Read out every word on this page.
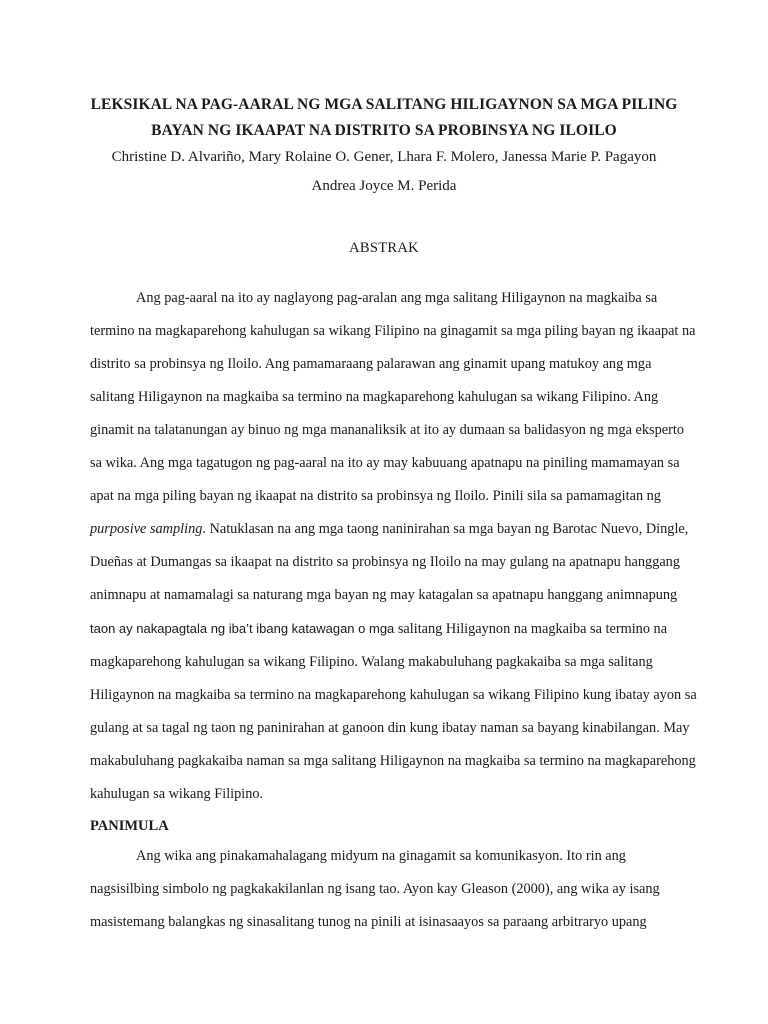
LEKSIKAL NA PAG-AARAL NG MGA SALITANG HILIGAYNON SA MGA PILING
BAYAN NG IKAAPAT NA DISTRITO SA PROBINSYA NG ILOILO
Christine D. Alvariño, Mary Rolaine O. Gener, Lhara F. Molero, Janessa Marie P. Pagayon
Andrea Joyce M. Perida
ABSTRAK

Ang pag-aaral na ito ay naglayong pag-aralan ang mga salitang Hiligaynon na magkaiba sa

termino na magkaparehong kahulugan sa wikang Filipino na ginagamit sa mga piling bayan ng ikaapat na

distrito sa probinsya ng Iloilo. Ang pamamaraang palarawan ang ginamit upang matukoy ang mga

salitang Hiligaynon na magkaiba sa termino na magkaparehong kahulugan sa wikang Filipino. Ang

ginamit na talatanungan ay binuo ng mga mananaliksik at ito ay dumaan sa balidasyon ng mga eksperto

sa wika. Ang mga tagatugon ng pag-aaral na ito ay may kabuuang apatnapu na piniling mamamayan sa

apat na mga piling bayan ng ikaapat na distrito sa probinsya ng Iloilo. Pinili sila sa pamamagitan ng

purposive sampling. Natuklasan na ang mga taong naninirahan sa mga bayan ng Barotac Nuevo, Dingle,

Dueñas at Dumangas sa ikaapat na distrito sa probinsya ng Iloilo na may gulang na apatnapu hanggang

animnapu at namamalagi sa naturang mga bayan ng may katagalan sa apatnapu hanggang animnapung

taon ay nakapagtala ng iba’t ibang katawagan o mga salitang Hiligaynon na magkaiba sa termino na

magkaparehong kahulugan sa wikang Filipino. Walang makabuluhang pagkakaiba sa mga salitang

Hiligaynon na magkaiba sa termino na magkaparehong kahulugan sa wikang Filipino kung ibatay ayon sa

gulang at sa tagal ng taon ng paninirahan at ganoon din kung ibatay naman sa bayang kinabilangan. May

makabuluhang pagkakaiba naman sa mga salitang Hiligaynon na magkaiba sa termino na magkaparehong

kahulugan sa wikang Filipino.

PANIMULA

Ang wika ang pinakamahalagang midyum na ginagamit sa komunikasyon. Ito rin ang

nagsisilbing simbolo ng pagkakakilanlan ng isang tao. Ayon kay Gleason (2000), ang wika ay isang

masistemang balangkas ng sinasalitang tunog na pinili at isinasaayos sa paraang arbitraryo upang
